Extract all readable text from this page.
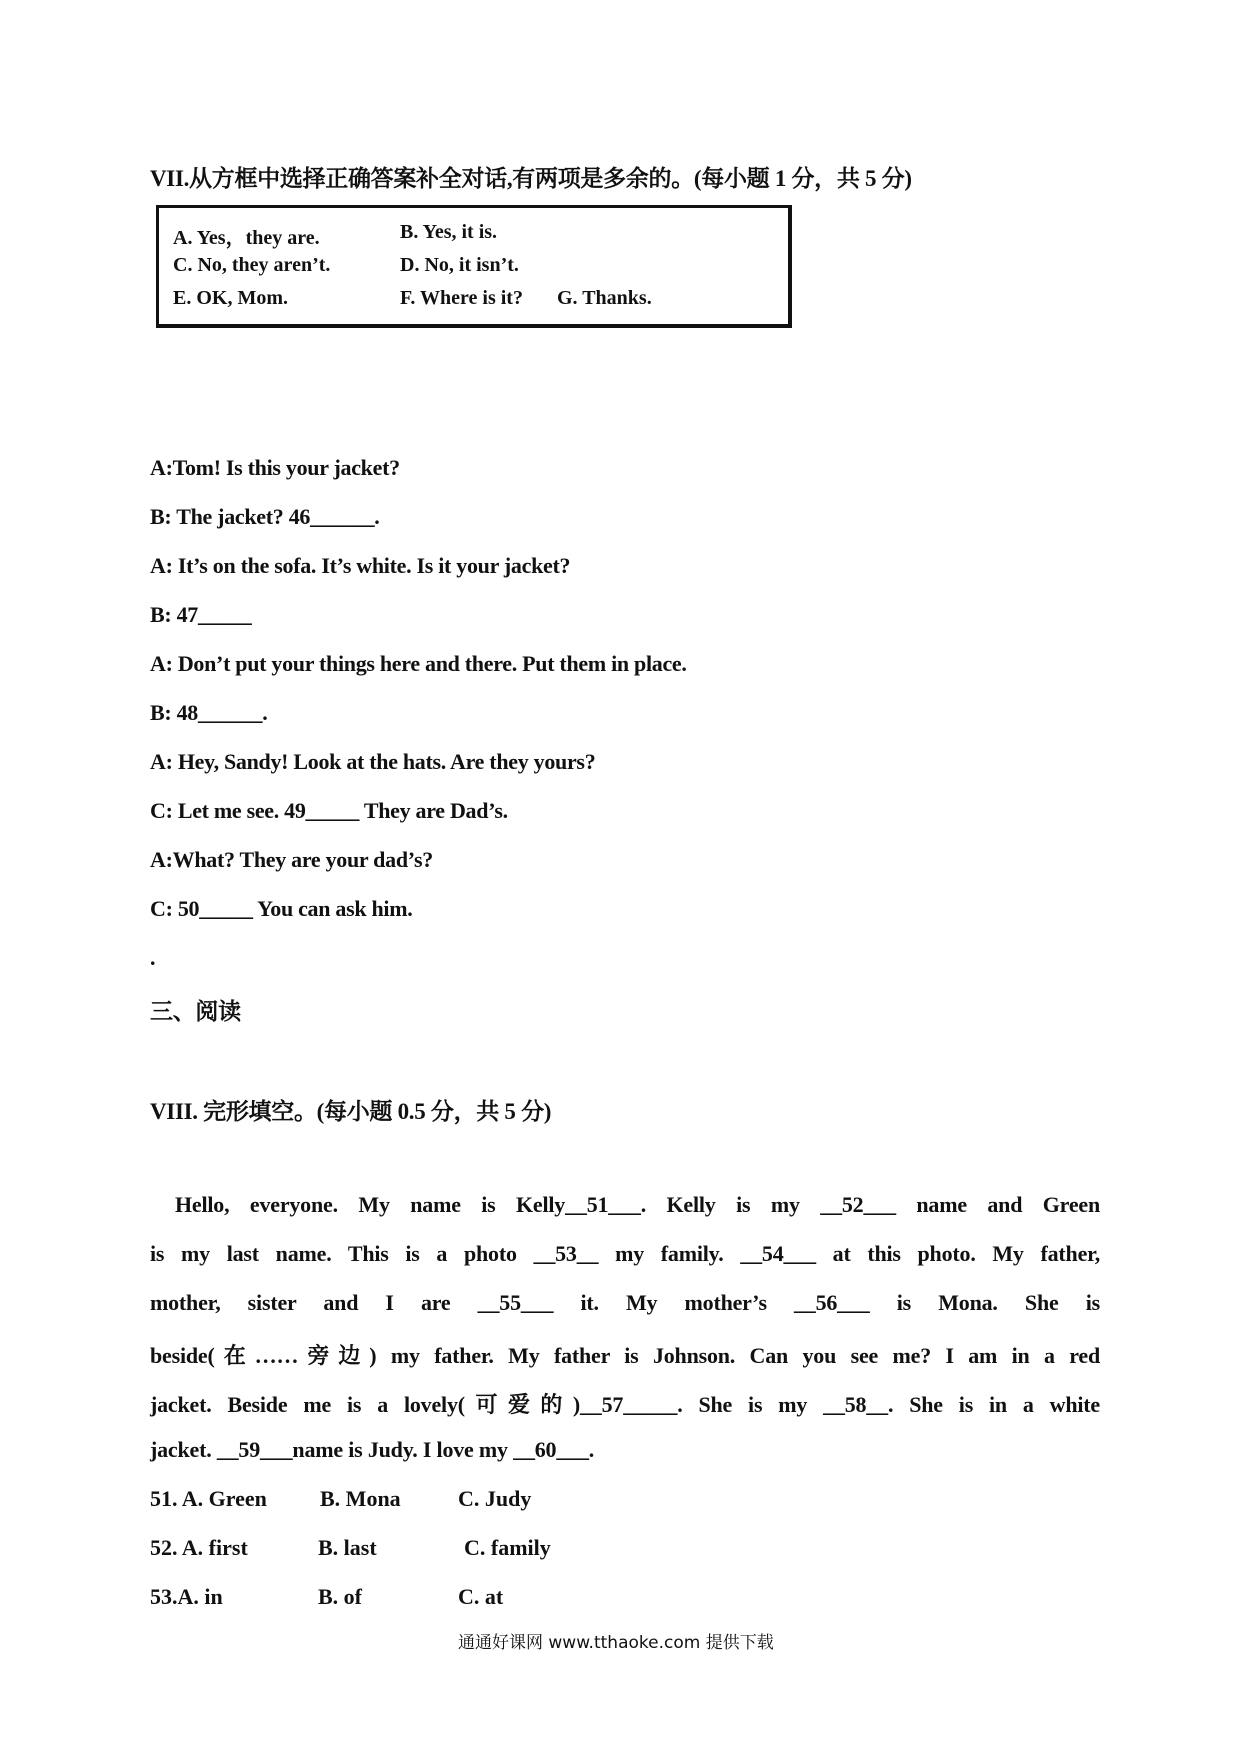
VII.从方框中选择正确答案补全对话,有两项是多余的。(每小题 1 分，共 5 分)
A. Yes，they are.	B. Yes, it is.
C. No, they aren’t.	D. No, it isn’t.
E. OK, Mom.	F. Where is it? G. Thanks.
A:Tom! Is this your jacket?
B: The jacket? 46______.
A: It’s on the sofa. It’s white. Is it your jacket?
B: 47_____
A: Don’t put your things here and there. Put them in place.
B: 48______.
A: Hey, Sandy! Look at the hats. Are they yours?
C: Let me see. 49_____ They are Dad’s.
A:What? They are your dad’s?
C: 50_____ You can ask him.
.
三、阅读
VIII. 完形填空。(每小题 0.5 分，共 5 分)
Hello, everyone. My name is Kelly__51___. Kelly is my __52___ name and Green
is my last name. This is a photo __53__ my family. __54___ at this photo. My father,
mother, sister and I are __55___ it. My mother’s __56___ is Mona. She is
beside(在……旁边) my father. My father is Johnson. Can you see me? I am in a red
jacket. Beside me is a lovely(可爱的)__57_____. She is my __58__. She is in a white
jacket. __59___name is Judy. I love my __60___.
51. A. Green B. Mona	C. Judy
52. A. first	B. last	C. family
53.A. in	B. of	C. at
通通好课网 www.tthaoke.com 提供下载
